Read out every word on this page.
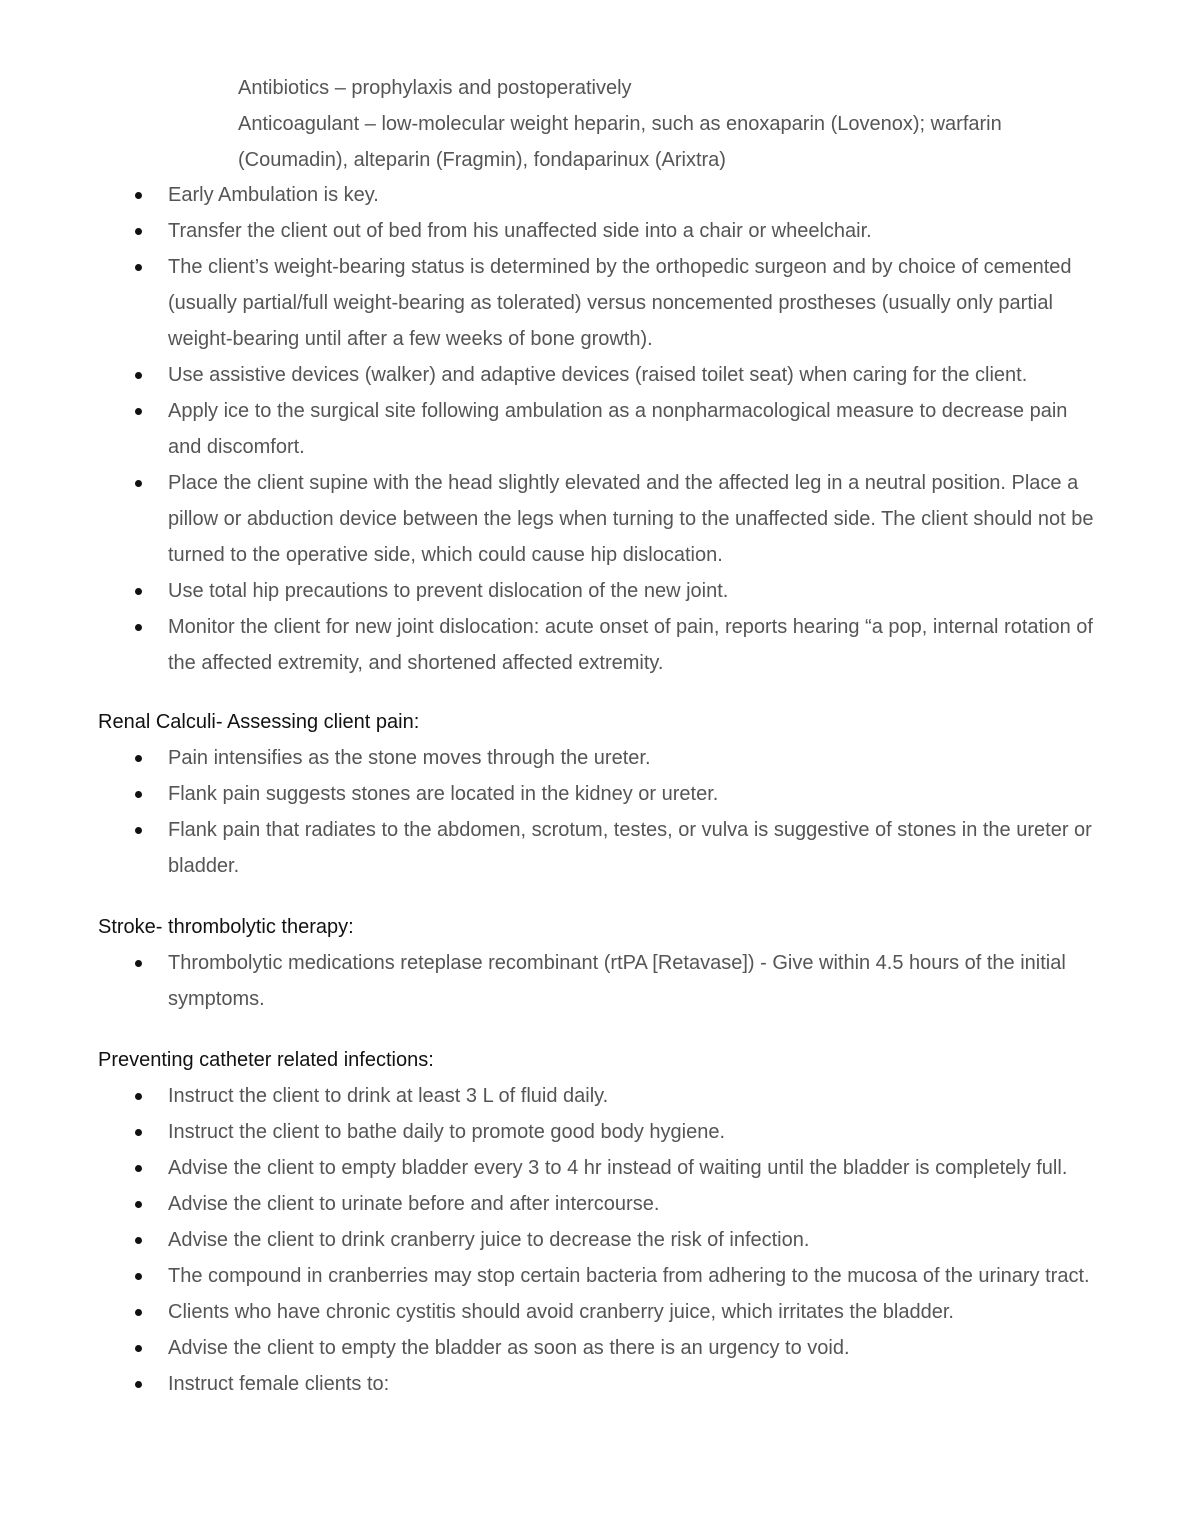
Antibiotics – prophylaxis and postoperatively
Anticoagulant – low-molecular weight heparin, such as enoxaparin (Lovenox); warfarin
(Coumadin), alteparin (Fragmin), fondaparinux (Arixtra)
Early Ambulation is key.
Transfer the client out of bed from his unaffected side into a chair or wheelchair.
The client’s weight-bearing status is determined by the orthopedic surgeon and by choice of cemented (usually partial/full weight-bearing as tolerated) versus noncemented prostheses (usually only partial weight-bearing until after a few weeks of bone growth).
Use assistive devices (walker) and adaptive devices (raised toilet seat) when caring for the client.
Apply ice to the surgical site following ambulation as a nonpharmacological measure to decrease pain and discomfort.
Place the client supine with the head slightly elevated and the affected leg in a neutral position. Place a pillow or abduction device between the legs when turning to the unaffected side. The client should not be turned to the operative side, which could cause hip dislocation.
Use total hip precautions to prevent dislocation of the new joint.
Monitor the client for new joint dislocation: acute onset of pain, reports hearing “a pop, internal rotation of the affected extremity, and shortened affected extremity.
Renal Calculi- Assessing client pain:
Pain intensifies as the stone moves through the ureter.
Flank pain suggests stones are located in the kidney or ureter.
Flank pain that radiates to the abdomen, scrotum, testes, or vulva is suggestive of stones in the ureter or bladder.
Stroke- thrombolytic therapy:
Thrombolytic medications reteplase recombinant (rtPA [Retavase]) - Give within 4.5 hours of the initial symptoms.
Preventing catheter related infections:
Instruct the client to drink at least 3 L of fluid daily.
Instruct the client to bathe daily to promote good body hygiene.
Advise the client to empty bladder every 3 to 4 hr instead of waiting until the bladder is completely full.
Advise the client to urinate before and after intercourse.
Advise the client to drink cranberry juice to decrease the risk of infection.
The compound in cranberries may stop certain bacteria from adhering to the mucosa of the urinary tract.
Clients who have chronic cystitis should avoid cranberry juice, which irritates the bladder.
Advise the client to empty the bladder as soon as there is an urgency to void.
Instruct female clients to:
